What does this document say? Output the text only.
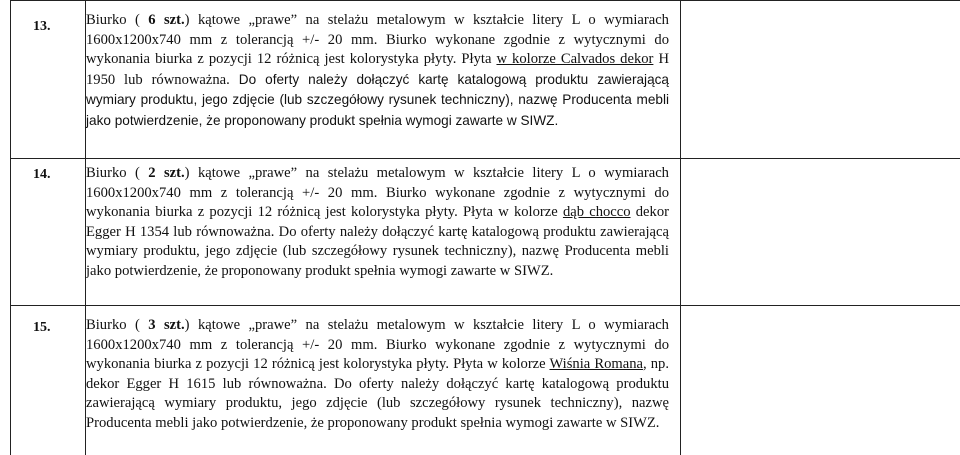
13. Biurko ( 6 szt.) kątowe „prawe” na stelażu metalowym w kształcie litery L o wymiarach 1600x1200x740 mm z tolerancją +/- 20 mm. Biurko wykonane zgodnie z wytycznymi do wykonania biurka z pozycji 12 różnicą jest kolorystyka płyty. Płyta w kolorze Calvados dekor H 1950 lub równoważna. Do oferty należy dołączyć kartę katalogową produktu zawierającą wymiary produktu, jego zdjęcie (lub szczegółowy rysunek techniczny), nazwę Producenta mebli jako potwierdzenie, że proponowany produkt spełnia wymogi zawarte w SIWZ.
14. Biurko ( 2 szt.) kątowe „prawe” na stelażu metalowym w kształcie litery L o wymiarach 1600x1200x740 mm z tolerancją +/- 20 mm. Biurko wykonane zgodnie z wytycznymi do wykonania biurka z pozycji 12 różnicą jest kolorystyka płyty. Płyta w kolorze dąb chocco dekor Egger H 1354 lub równoważna. Do oferty należy dołączyć kartę katalogową produktu zawierającą wymiary produktu, jego zdjęcie (lub szczegółowy rysunek techniczny), nazwę Producenta mebli jako potwierdzenie, że proponowany produkt spełnia wymogi zawarte w SIWZ.
15. Biurko ( 3 szt.) kątowe „prawe” na stelażu metalowym w kształcie litery L o wymiarach 1600x1200x740 mm z tolerancją +/- 20 mm. Biurko wykonane zgodnie z wytycznymi do wykonania biurka z pozycji 12 różnicą jest kolorystyka płyty. Płyta w kolorze Wiśnia Romana, np. dekor Egger H 1615 lub równoważna. Do oferty należy dołączyć kartę katalogową produktu zawierającą wymiary produktu, jego zdjęcie (lub szczegółowy rysunek techniczny), nazwę Producenta mebli jako potwierdzenie, że proponowany produkt spełnia wymogi zawarte w SIWZ.
